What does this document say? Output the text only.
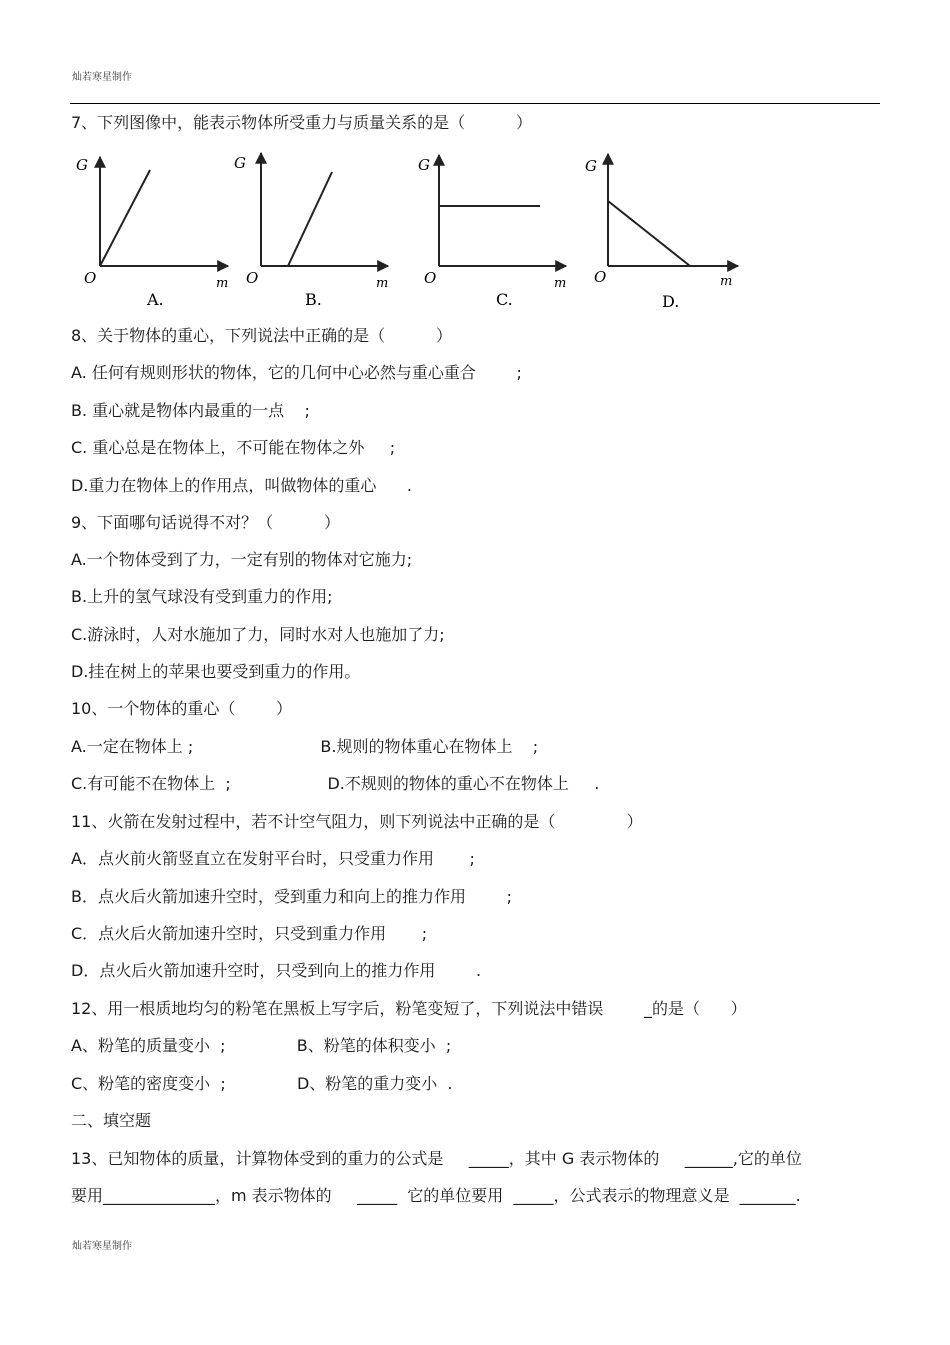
灿若寒星制作
7、下列图像中，能表示物体所受重力与质量关系的是（          ）
G
O	m
A.
G
O	m
B.
G
O	m
C.
G
O	m
D.
8、关于物体的重心，下列说法中正确的是（          ）
A. 任何有规则形状的物体，它的几何中心必然与重心重合        ;
B. 重心就是物体内最重的一点    ;
C. 重心总是在物体上，不可能在物体之外     ;
D.重力在物体上的作用点，叫做物体的重心      .
9、下面哪句话说得不对？（          ）
A.一个物体受到了力，一定有别的物体对它施力;
B.上升的氢气球没有受到重力的作用;
C.游泳时，人对水施加了力，同时水对人也施加了力;
D.挂在树上的苹果也要受到重力的作用。
10、一个物体的重心（        ）
A.一定在物体上 ;                         B.规则的物体重心在物体上    ;
C.有可能不在物体上  ;                   D.不规则的物体的重心不在物体上     .
11、火箭在发射过程中，若不计空气阻力，则下列说法中正确的是（              ）
A．点火前火箭竖直立在发射平台时，只受重力作用       ;
B．点火后火箭加速升空时，受到重力和向上的推力作用        ;
C．点火后火箭加速升空时，只受到重力作用       ;
D．点火后火箭加速升空时，只受到向上的推力作用        .
12、用一根质地均匀的粉笔在黑板上写字后，粉笔变短了，下列说法中错误        _的是（      ）
A、粉笔的质量变小  ;              B、粉笔的体积变小  ;
C、粉笔的密度变小  ;              D、粉笔的重力变小  .
二、填空题
13、已知物体的质量，计算物体受到的重力的公式是     _____，其中 G 表示物体的     ______,它的单位
要用______________，m 表示物体的     _____  它的单位要用  _____，公式表示的物理意义是  _______.
灿若寒星制作
